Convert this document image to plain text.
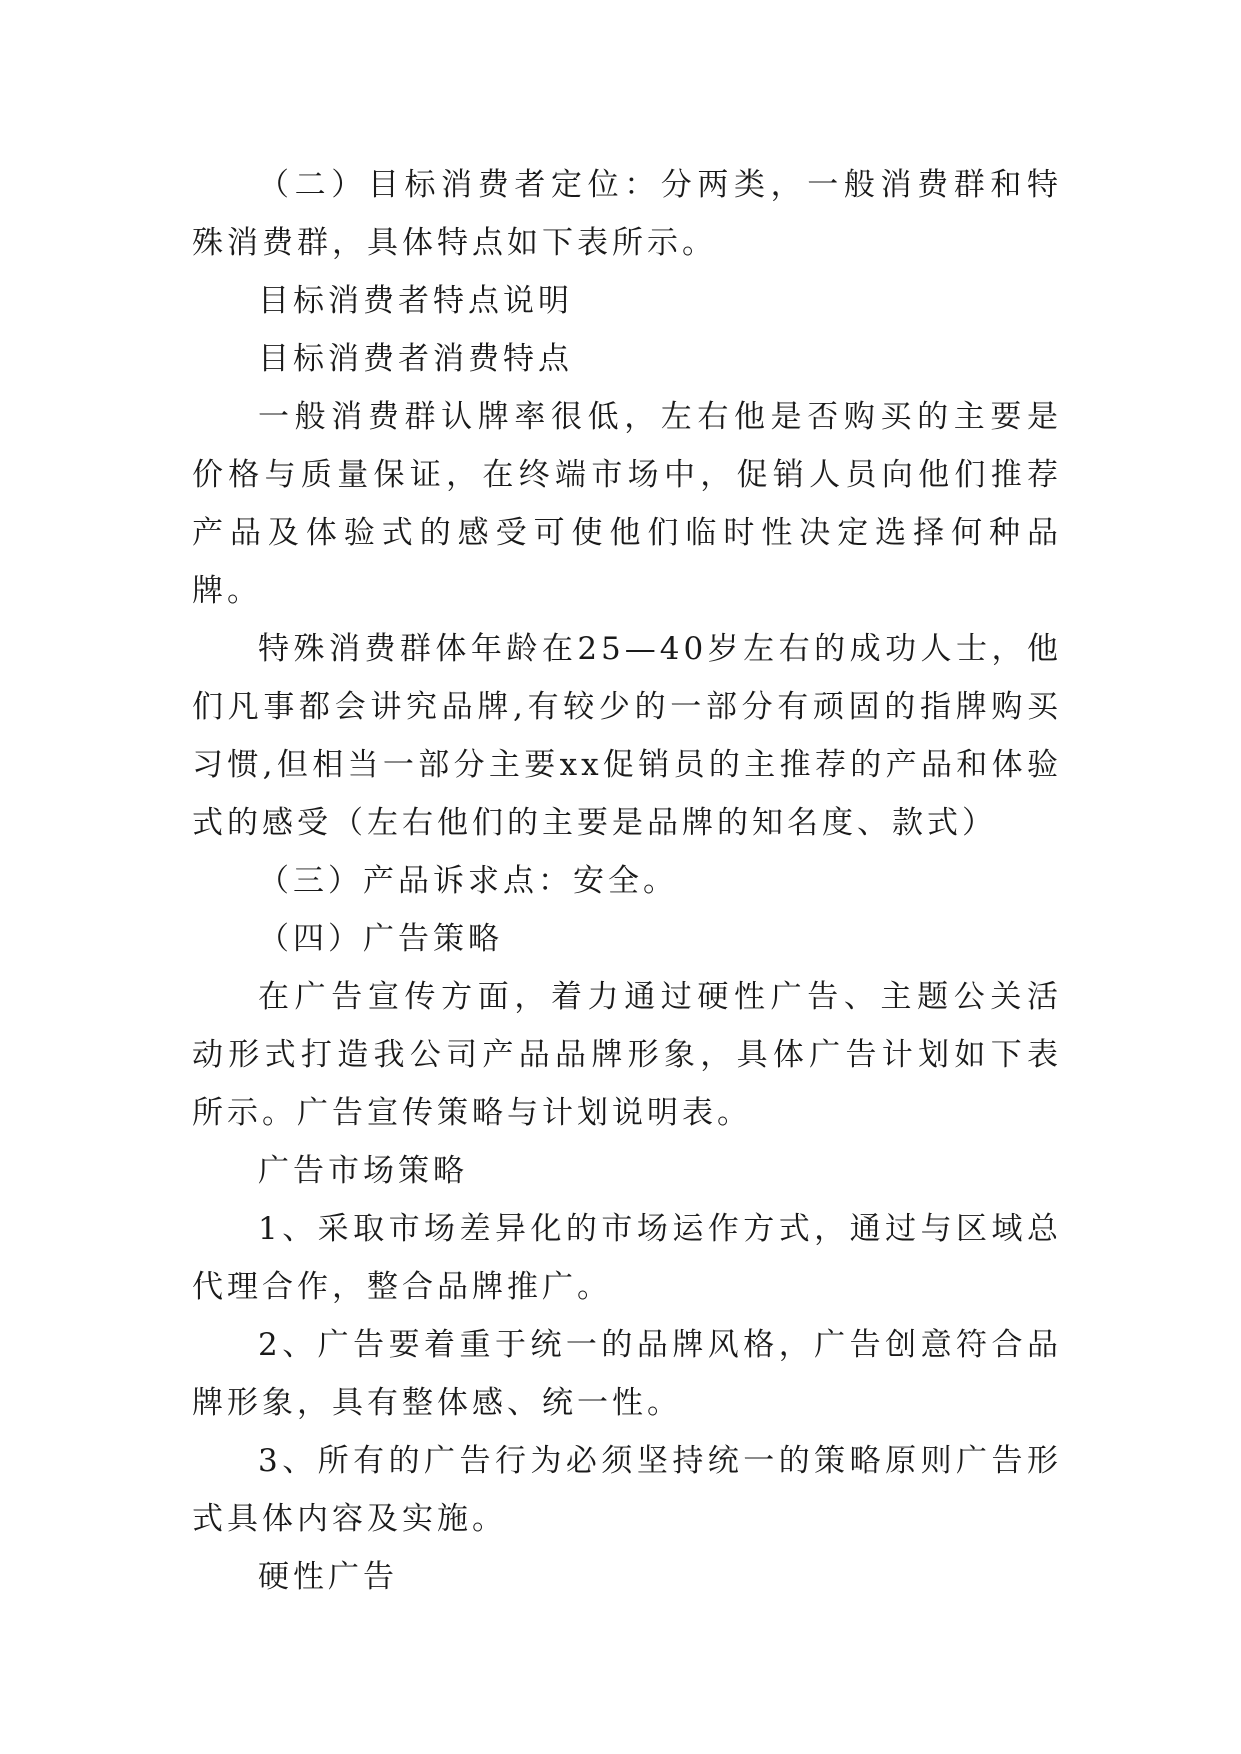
（二）目标消费者定位：分两类，一般消费群和特殊消费群，具体特点如下表所示。

目标消费者特点说明

目标消费者消费特点

一般消费群认牌率很低，左右他是否购买的主要是价格与质量保证，在终端市场中，促销人员向他们推荐产品及体验式的感受可使他们临时性决定选择何种品牌。

特殊消费群体年龄在25—40岁左右的成功人士，他们凡事都会讲究品牌,有较少的一部分有顽固的指牌购买习惯,但相当一部分主要xx促销员的主推荐的产品和体验式的感受（左右他们的主要是品牌的知名度、款式）

（三）产品诉求点：安全。

（四）广告策略

在广告宣传方面，着力通过硬性广告、主题公关活动形式打造我公司产品品牌形象，具体广告计划如下表所示。广告宣传策略与计划说明表。

广告市场策略

1、采取市场差异化的市场运作方式，通过与区域总代理合作，整合品牌推广。

2、广告要着重于统一的品牌风格，广告创意符合品牌形象，具有整体感、统一性。

3、所有的广告行为必须坚持统一的策略原则广告形式具体内容及实施。

硬性广告
